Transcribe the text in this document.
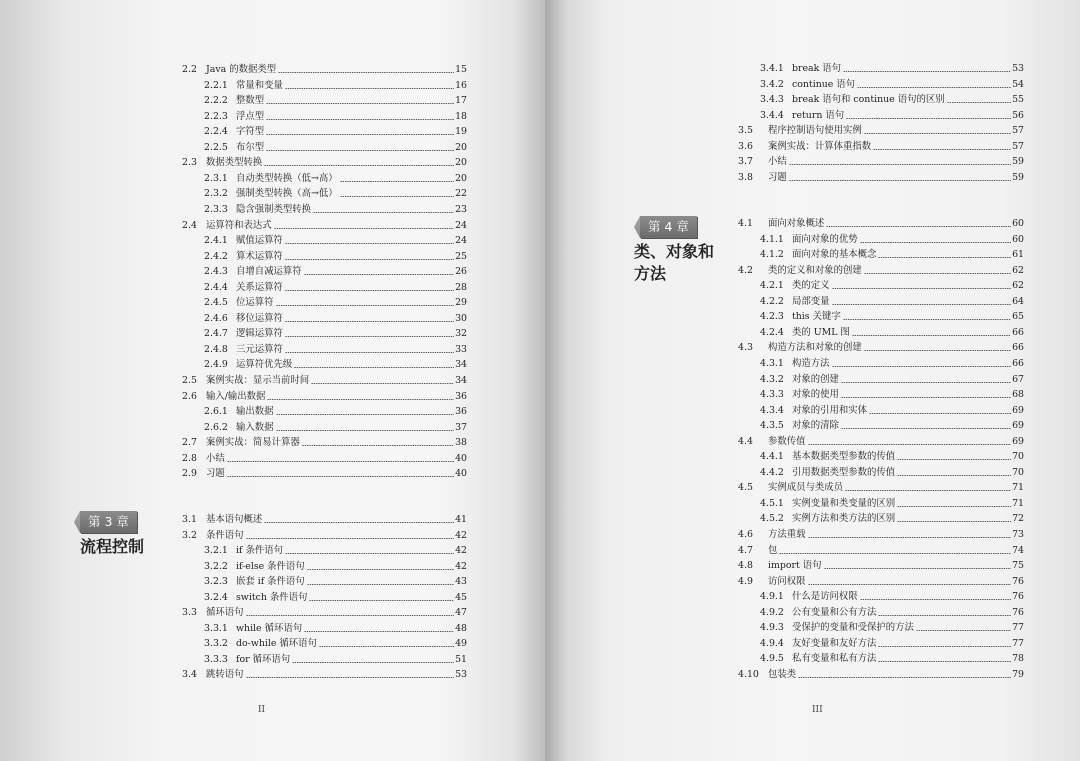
第 3 章
流程控制
II
2.2 Java 的数据类型	15
2.2.1 常量和变量	16
2.2.2 整数型	17
2.2.3 浮点型	18
2.2.4 字符型	19
2.2.5 布尔型	20
2.3 数据类型转换	20
2.3.1 自动类型转换（低→高）	20
2.3.2 强制类型转换（高→低）	22
2.3.3 隐含强制类型转换	23
2.4 运算符和表达式	24
2.4.1 赋值运算符	24
2.4.2 算术运算符	25
2.4.3 自增自减运算符	26
2.4.4 关系运算符	28
2.4.5 位运算符	29
2.4.6 移位运算符	30
2.4.7 逻辑运算符	32
2.4.8 三元运算符	33
2.4.9 运算符优先级	34
2.5 案例实战：显示当前时间	34
2.6 输入/输出数据	36
2.6.1 输出数据	36
2.6.2 输入数据	37
2.7 案例实战：简易计算器	38
2.8 小结	40
2.9 习题	40
3.1 基本语句概述	41
3.2 条件语句	42
3.2.1 if 条件语句	42
3.2.2 if-else 条件语句	42
3.2.3 嵌套 if 条件语句	43
3.2.4 switch 条件语句	45
3.3 循环语句	47
3.3.1 while 循环语句	48
3.3.2 do-while 循环语句	49
3.3.3 for 循环语句	51
3.4 跳转语句	53
第 4 章
类、对象和
方法
III
3.4.1 break 语句	53
3.4.2 continue 语句	54
3.4.3 break 语句和 continue 语句的区别	55
3.4.4 return 语句	56
3.5	程序控制语句使用实例	57
3.6	案例实战：计算体重指数	57
3.7	小结	59
3.8	习题	59
4.1	面向对象概述	60
4.1.1 面向对象的优势	60
4.1.2 面向对象的基本概念	61
4.2	类的定义和对象的创建	62
4.2.1 类的定义	62
4.2.2 局部变量	64
4.2.3 this 关键字	65
4.2.4 类的 UML 图	66
4.3	构造方法和对象的创建	66
4.3.1 构造方法	66
4.3.2 对象的创建	67
4.3.3 对象的使用	68
4.3.4 对象的引用和实体	69
4.3.5 对象的清除	69
4.4	参数传值	69
4.4.1 基本数据类型参数的传值	70
4.4.2 引用数据类型参数的传值	70
4.5	实例成员与类成员	71
4.5.1 实例变量和类变量的区别	71
4.5.2 实例方法和类方法的区别	72
4.6	方法重载	73
4.7	包	74
4.8	import 语句	75
4.9	访问权限	76
4.9.1 什么是访问权限	76
4.9.2 公有变量和公有方法	76
4.9.3 受保护的变量和受保护的方法	77
4.9.4 友好变量和友好方法	77
4.9.5 私有变量和私有方法	78
4.10 包装类	79
